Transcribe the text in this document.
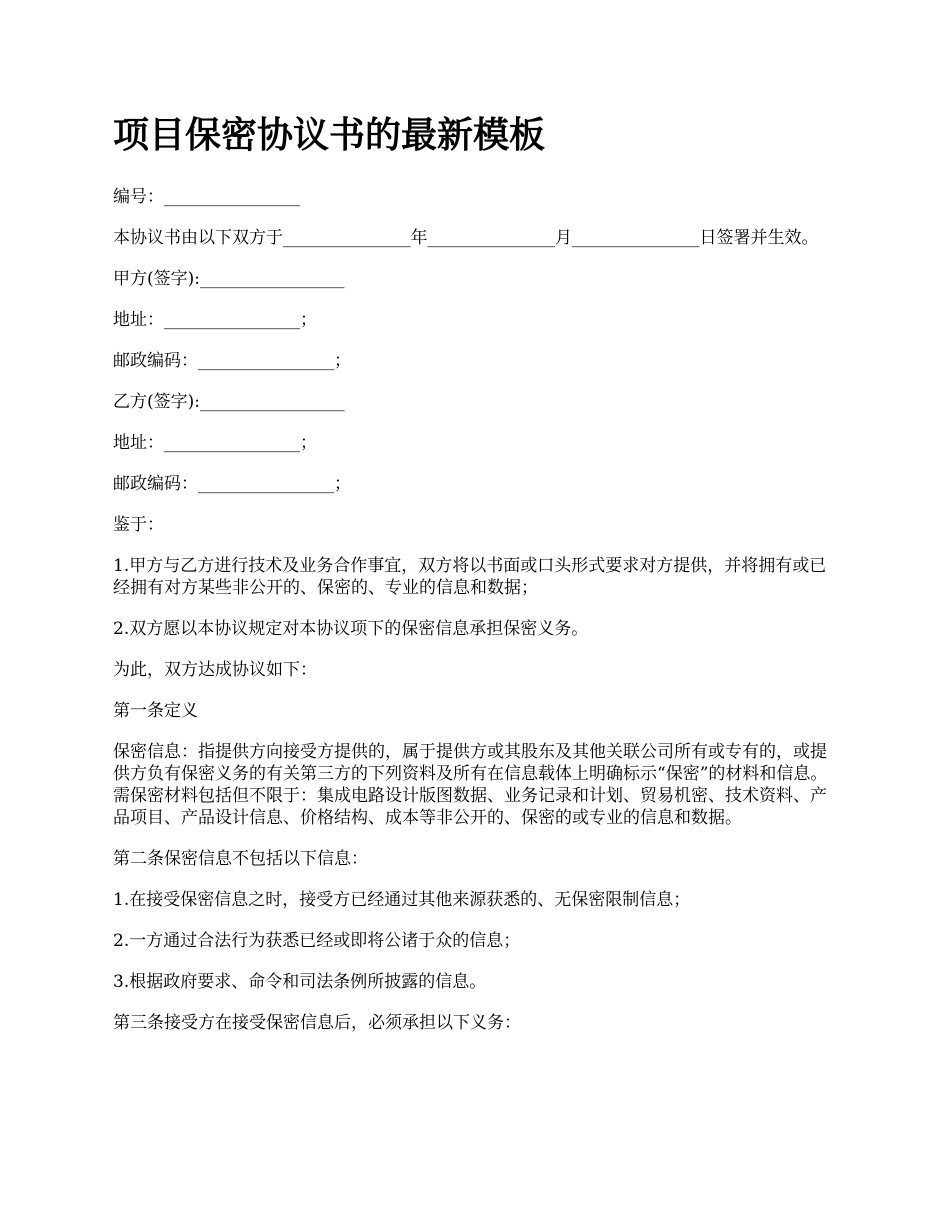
项目保密协议书的最新模板

编号：________________

本协议书由以下双方于_______________年_______________月_______________日签署并生效。

甲方(签字):_________________

地址：________________；

邮政编码：________________；

乙方(签字):_________________

地址：________________；

邮政编码：________________；

鉴于：

1.甲方与乙方进行技术及业务合作事宜，双方将以书面或口头形式要求对方提供，并将拥有或已经拥有对方某些非公开的、保密的、专业的信息和数据；

2.双方愿以本协议规定对本协议项下的保密信息承担保密义务。

为此，双方达成协议如下：

第一条定义

保密信息：指提供方向接受方提供的，属于提供方或其股东及其他关联公司所有或专有的，或提供方负有保密义务的有关第三方的下列资料及所有在信息载体上明确标示“保密”的材料和信息。需保密材料包括但不限于：集成电路设计版图数据、业务记录和计划、贸易机密、技术资料、产品项目、产品设计信息、价格结构、成本等非公开的、保密的或专业的信息和数据。

第二条保密信息不包括以下信息：

1.在接受保密信息之时，接受方已经通过其他来源获悉的、无保密限制信息；

2.一方通过合法行为获悉已经或即将公诸于众的信息；

3.根据政府要求、命令和司法条例所披露的信息。

第三条接受方在接受保密信息后，必须承担以下义务：
